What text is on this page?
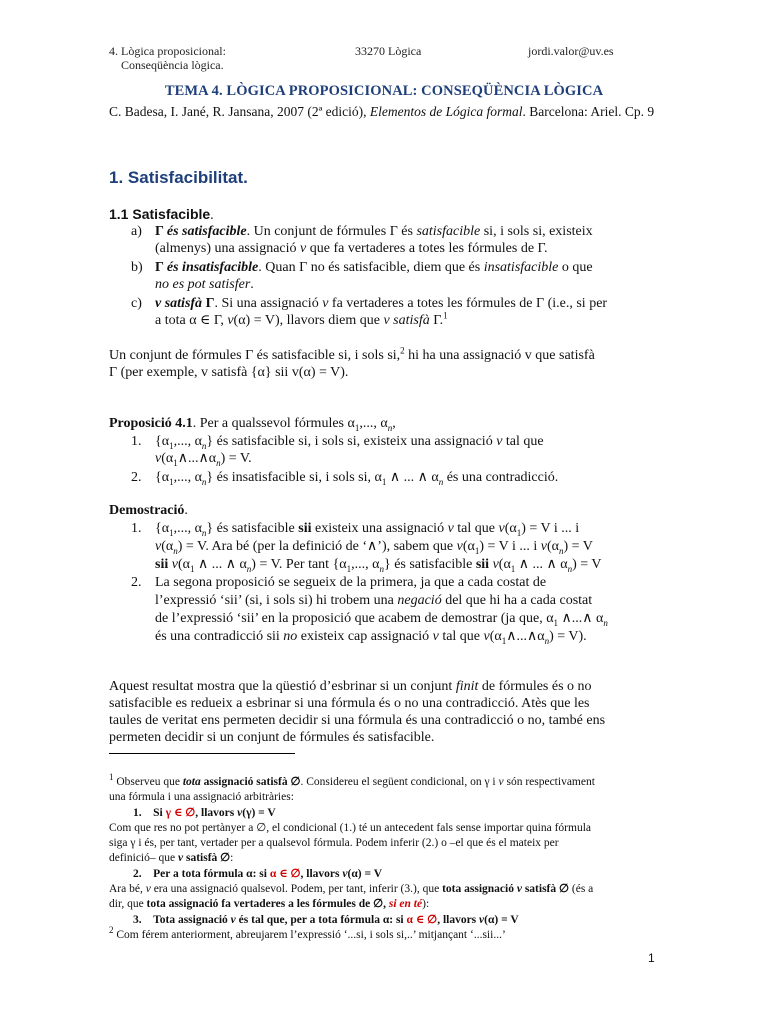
4. Lògica proposicional:
Conseqüència lògica.
33270 Lògica	jordi.valor@uv.es
TEMA 4. LÒGICA PROPOSICIONAL: CONSEQÜÈNCIA LÒGICA
C. Badesa, I. Jané, R. Jansana, 2007 (2ª edició), Elementos de Lógica formal. Barcelona: Ariel. Cp. 9
1. Satisfacibilitat.
1.1 Satisfacible.
a) Γ és satisfacible. Un conjunt de fórmules Γ és satisfacible si, i sols si, existeix
(almenys) una assignació v que fa vertaderes a totes les fórmules de Γ.
b) Γ és insatisfacible. Quan Γ no és satisfacible, diem que és insatisfacible o que
no es pot satisfer.
c) v satisfà Γ. Si una assignació v fa vertaderes a totes les fórmules de Γ (i.e., si per
a tota α ∈ Γ, v(α) = V), llavors diem que v satisfà Γ.$^1$
Un conjunt de fórmules Γ és satisfacible si, i sols si,$^2$ hi ha una assignació v que satisfà
Γ (per exemple, v satisfà {α} sii v(α) = V).
Proposició 4.1. Per a qualssevol fórmules $\alpha_1$,..., $\alpha_n$,
1. {$\alpha_1$,..., $\alpha_n$} és satisfacible si, i sols si, existeix una assignació v tal que
$v(\alpha_1\wedge...\wedge\alpha_n) = V$.
2. {$\alpha_1$,..., $\alpha_n$} és insatisfacible si, i sols si, $\alpha_1$ ∧ ... ∧ $\alpha_n$ és una contradicció.
Demostració.
1. {$\alpha_1$,..., $\alpha_n$} és satisfacible sii existeix una assignació v tal que $v(\alpha_1) = V$ i ... i
$v(\alpha_n) = V$. Ara bé (per la definició de ‘∧’), sabem que $v(\alpha_1) = V$ i ... i $v(\alpha_n) = V$
sii $v(\alpha_1$ ∧ ... ∧ $\alpha_n) = V$. Per tant {$\alpha_1$,..., $\alpha_n$} és satisfacible sii $v(\alpha_1$ ∧ ... ∧ $\alpha_n) = V$
2. La segona proposició se segueix de la primera, ja que a cada costat de
l’expressió ‘sii’ (si, i sols si) hi trobem una negació del que hi ha a cada costat
de l’expressió ‘sii’ en la proposició que acabem de demostrar (ja que, $\alpha_1$ ∧...∧ $\alpha_n$
és una contradicció sii no existeix cap assignació v tal que $v(\alpha_1\wedge...\wedge\alpha_n) = V$).
Aquest resultat mostra que la qüestió d’esbrinar si un conjunt finit de fórmules és o no
satisfacible es redueix a esbrinar si una fórmula és o no una contradicció. Atès que les
taules de veritat ens permeten decidir si una fórmula és una contradicció o no, també ens
permeten decidir si un conjunt de fórmules és satisfacible.
$^1$ Observeu que tota assignació satisfà ∅. Considereu el següent condicional, on γ i v són respectivament
una fórmula i una assignació arbitràries:
1.    Si γ ∈ ∅, llavors v(γ) = V
Com que res no pot pertànyer a ∅, el condicional (1.) té un antecedent fals sense importar quina fórmula
siga γ i és, per tant, vertader per a qualsevol fórmula. Podem inferir (2.) o –el que és el mateix per
definició– que v satisfà ∅:
2.    Per a tota fórmula α: si α ∈ ∅, llavors v(α) = V
Ara bé, v era una assignació qualsevol. Podem, per tant, inferir (3.), que tota assignació v satisfà ∅ (és a
dir, que tota assignació fa vertaderes a les fórmules de ∅, si en té):
3.    Tota assignació v és tal que, per a tota fórmula α: si α ∈ ∅, llavors v(α) = V
$^2$ Com férem anteriorment, abreujarem l’expressió ‘...si, i sols si,..’ mitjançant ‘...sii...’
1
